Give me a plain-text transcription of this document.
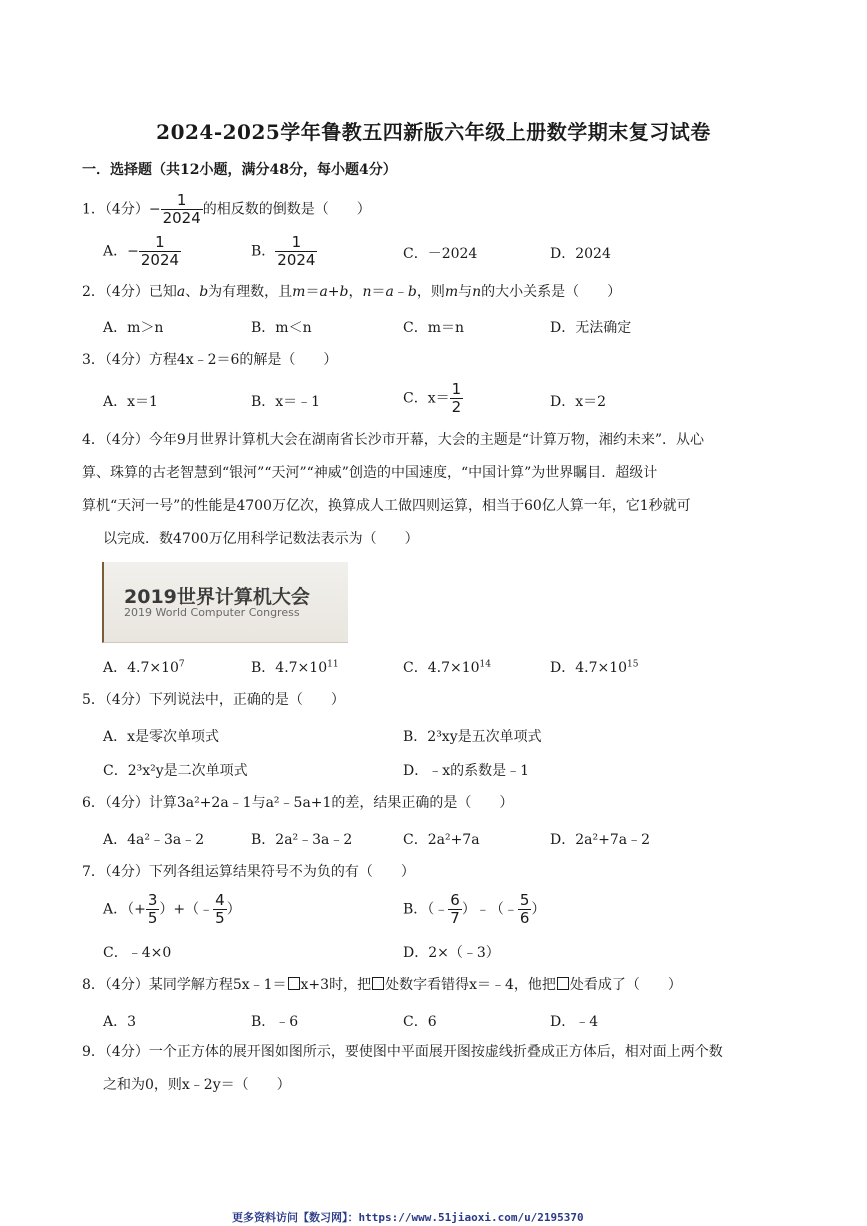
2024-2025学年鲁教五四新版六年级上册数学期末复习试卷
一．选择题（共12小题，满分48分，每小题4分）
1．（4分）− $\frac{1}{2024}$ 的相反数的倒数是（　　）
A．− $\frac{1}{2024}$	B． $\frac{1}{2024}$	C．－2024	D．2024
2．（4分）已知a、b为有理数，且m＝a+b，n＝a﹣b，则m与n的大小关系是（　　）
A．m＞n	B．m＜n	C．m＝n	D．无法确定
3．（4分）方程4x﹣2＝6的解是（　　）
A．x＝1	B．x＝﹣1	C．$x= \frac{1}{2}$	D．x＝2
4．（4分）今年9月世界计算机大会在湖南省长沙市开幕，大会的主题是“计算万物，湘约未来”．从心
算、珠算的古老智慧到“银河”“天河”“神威”创造的中国速度，“中国计算”为世界瞩目．超级计
算机“天河一号”的性能是4700万亿次，换算成人工做四则运算，相当于60亿人算一年，它1秒就可
以完成．数4700万亿用科学记数法表示为（　　）
2019世界计算机大会
2019 World Computer Congress
A．$4.7\times 10^7$	B．$4.7\times 10^{11}$	C．$4.7\times 10^{14}$	D．$4.7\times 10^{15}$
5．（4分）下列说法中，正确的是（　　）
A．x是零次单项式	B．2³xy是五次单项式
C．2³x²y是二次单项式	D．﹣x的系数是﹣1
6．（4分）计算3a²+2a﹣1与a²﹣5a+1的差，结果正确的是（　　）
A．4a²﹣3a﹣2	B．2a²﹣3a﹣2	C．2a²+7a	D．2a²+7a﹣2
7．（4分）下列各组运算结果符号不为负的有（　　）
A．（+ $\frac{3}{5}$ ）+（﹣ $\frac{4}{5}$ ）	B．（﹣ $\frac{6}{7}$ ）﹣（﹣ $\frac{5}{6}$ ）
C．﹣4×0	D．2×（﹣3）
8．（4分）某同学解方程5x﹣1＝ x+3时，把 处数字看错得x＝﹣4，他把 处看成了（　　）
A．3	B．﹣6	C．6	D．﹣4
9．（4分）一个正方体的展开图如图所示，要使图中平面展开图按虚线折叠成正方体后，相对面上两个数
之和为0，则x﹣2y＝（　　）
更多资料访问【数习网】：https://www.51jiaoxi.com/u/2195370
